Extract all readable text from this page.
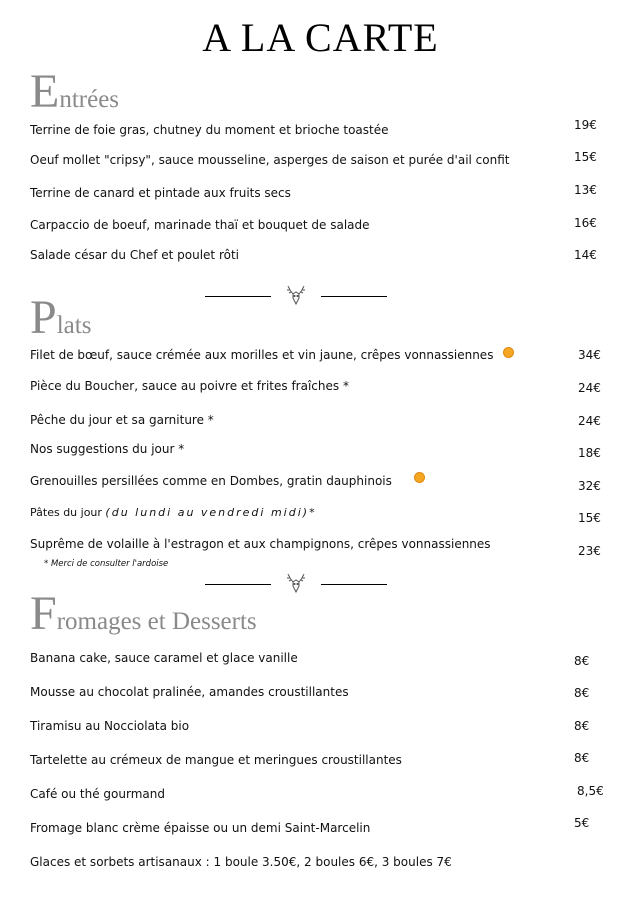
A LA CARTE
Entrées
Terrine de foie gras, chutney du moment et brioche toastée	19€
Oeuf mollet "cripsy", sauce mousseline, asperges de saison et purée d'ail confit	15€
Terrine de canard et pintade aux fruits secs	13€
Carpaccio de boeuf, marinade thaï et bouquet de salade	16€
Salade césar du Chef et poulet rôti	14€
Plats
Filet de bœuf, sauce crémée aux morilles et vin jaune, crêpes vonnassiennes	34€
Pièce du Boucher, sauce au poivre et frites fraîches *	24€
Pêche du jour et sa garniture *	24€
Nos suggestions du jour *	18€
Grenouilles persillées comme en Dombes, gratin dauphinois	32€
Pâtes du jour (du lundi au vendredi midi)*	15€
Suprême de volaille à l'estragon et aux champignons, crêpes vonnassiennes	23€
* Merci de consulter l'ardoise
Fromages et Desserts
Banana cake, sauce caramel et glace vanille	8€
Mousse au chocolat pralinée, amandes croustillantes	8€
Tiramisu au Nocciolata bio	8€
Tartelette au crémeux de mangue et meringues croustillantes	8€
Café ou thé gourmand	8,5€
Fromage blanc crème épaisse ou un demi Saint-Marcelin	5€
Glaces et sorbets artisanaux : 1 boule 3.50€, 2 boules 6€, 3 boules 7€
